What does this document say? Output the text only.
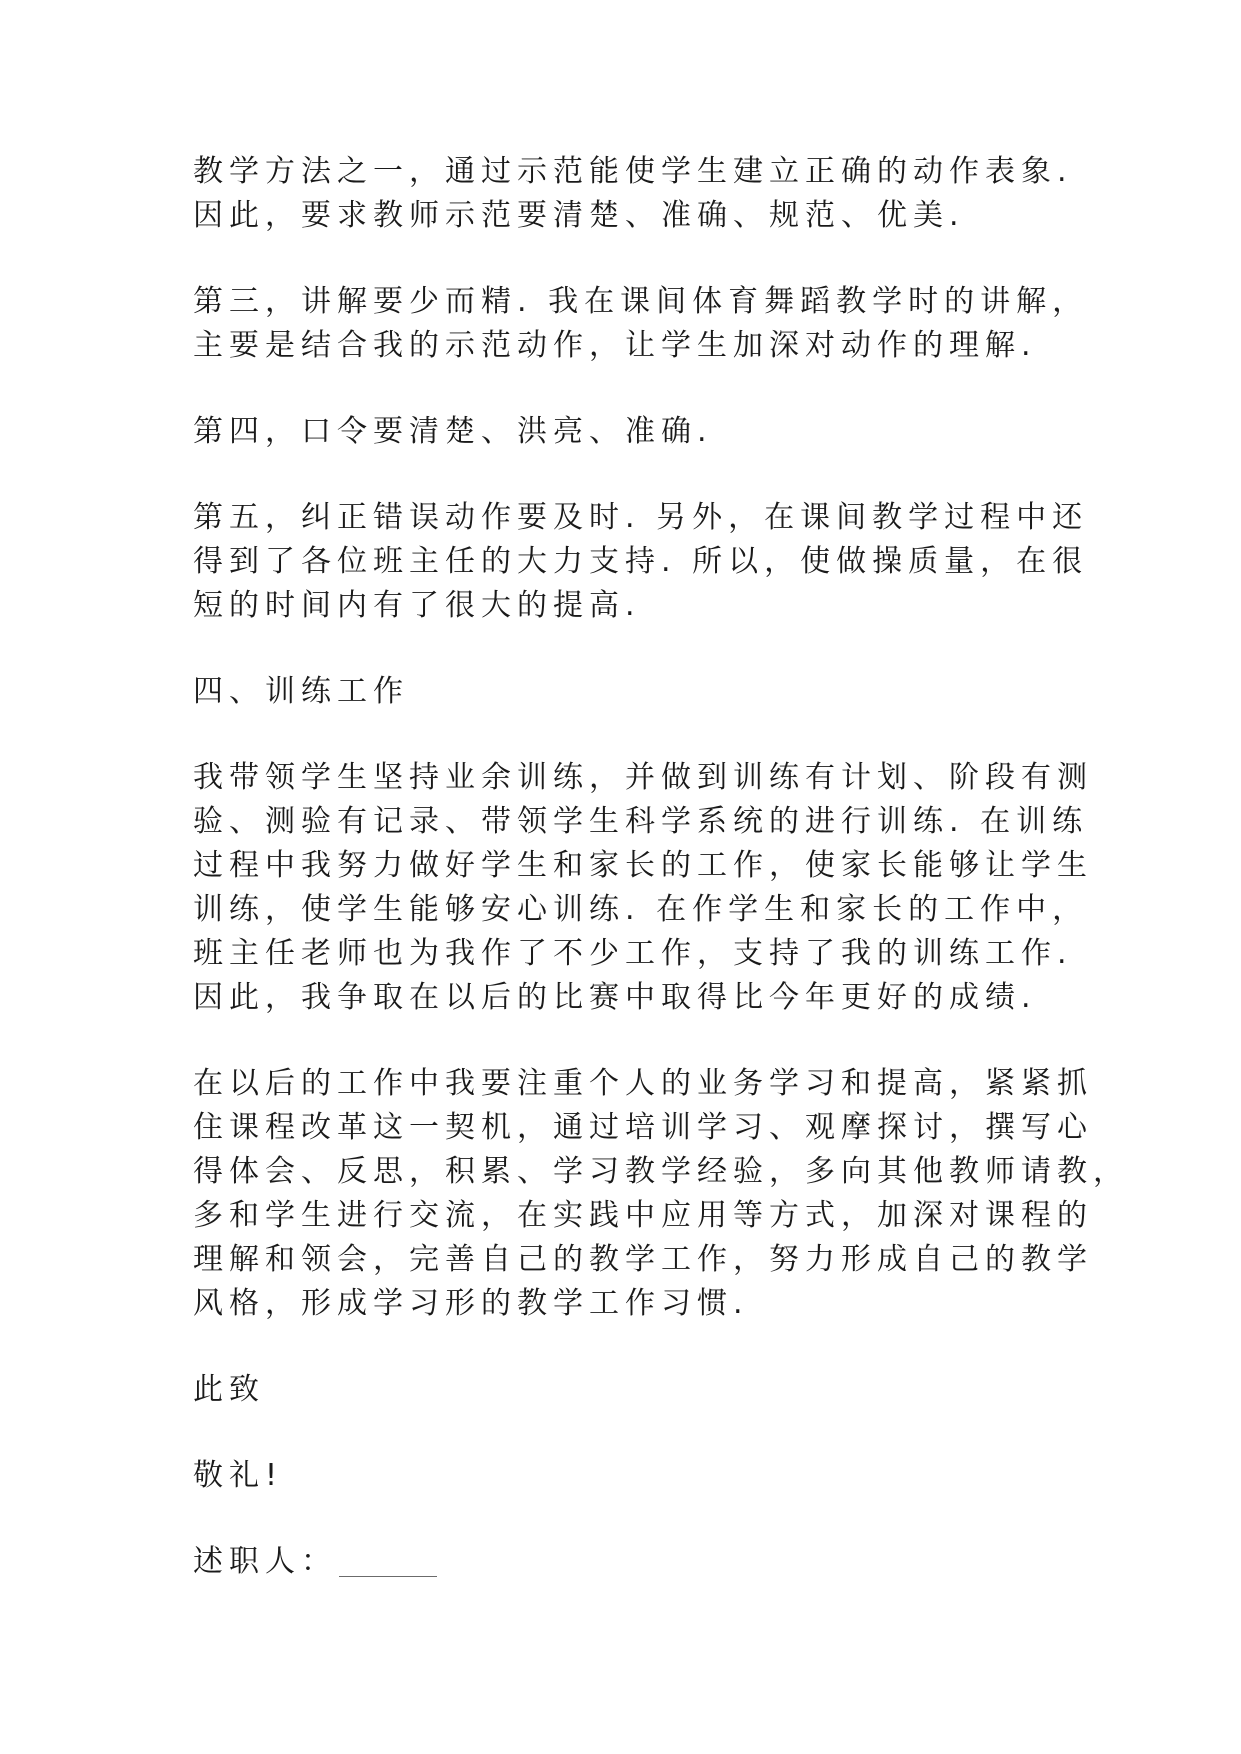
教学方法之一，通过示范能使学生建立正确的动作表象.
因此，要求教师示范要清楚、准确、规范、优美.
第三，讲解要少而精. 我在课间体育舞蹈教学时的讲解，
主要是结合我的示范动作，让学生加深对动作的理解.
第四，口令要清楚、洪亮、准确.
第五，纠正错误动作要及时. 另外，在课间教学过程中还
得到了各位班主任的大力支持. 所以，使做操质量，在很
短的时间内有了很大的提高.
四、训练工作
我带领学生坚持业余训练，并做到训练有计划、阶段有测
验、测验有记录、带领学生科学系统的进行训练. 在训练
过程中我努力做好学生和家长的工作，使家长能够让学生
训练，使学生能够安心训练. 在作学生和家长的工作中，
班主任老师也为我作了不少工作，支持了我的训练工作.
因此，我争取在以后的比赛中取得比今年更好的成绩.
在以后的工作中我要注重个人的业务学习和提高，紧紧抓
住课程改革这一契机，通过培训学习、观摩探讨，撰写心
得体会、反思，积累、学习教学经验，多向其他教师请教，
多和学生进行交流，在实践中应用等方式，加深对课程的
理解和领会，完善自己的教学工作，努力形成自己的教学
风格，形成学习形的教学工作习惯.
此致
敬礼!
述职人：
